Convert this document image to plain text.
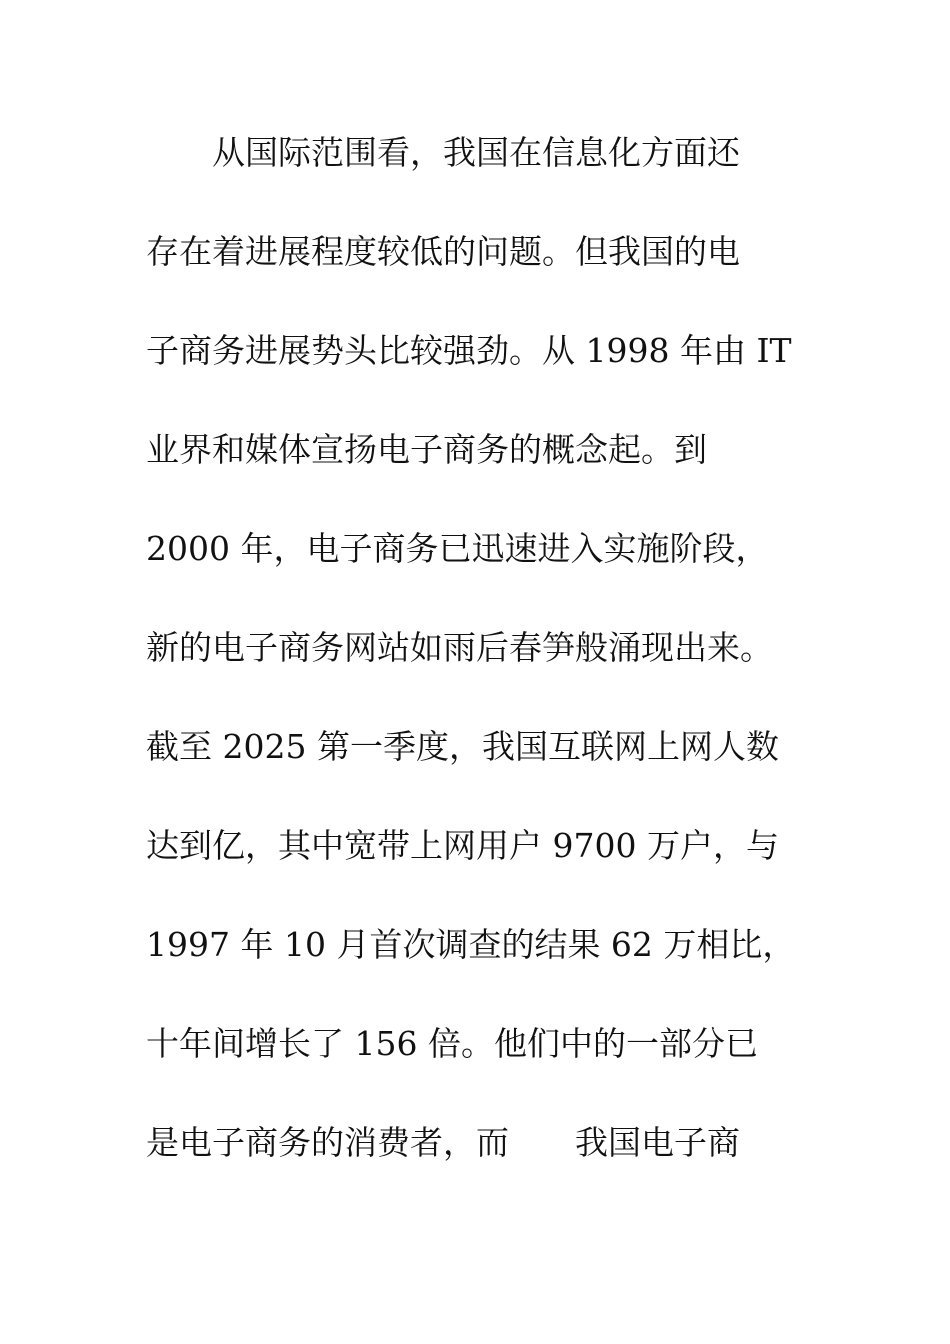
　　从国际范围看，我国在信息化方面还
存在着进展程度较低的问题。但我国的电
子商务进展势头比较强劲。从 1998 年由 IT
业界和媒体宣扬电子商务的概念起。到
2000 年，电子商务已迅速进入实施阶段，
新的电子商务网站如雨后春笋般涌现出来。
截至 2025 第一季度，我国互联网上网人数
达到亿，其中宽带上网用户 9700 万户，与
1997 年 10 月首次调查的结果 62 万相比，
十年间增长了 156 倍。他们中的一部分已
是电子商务的消费者，而　　我国电子商
